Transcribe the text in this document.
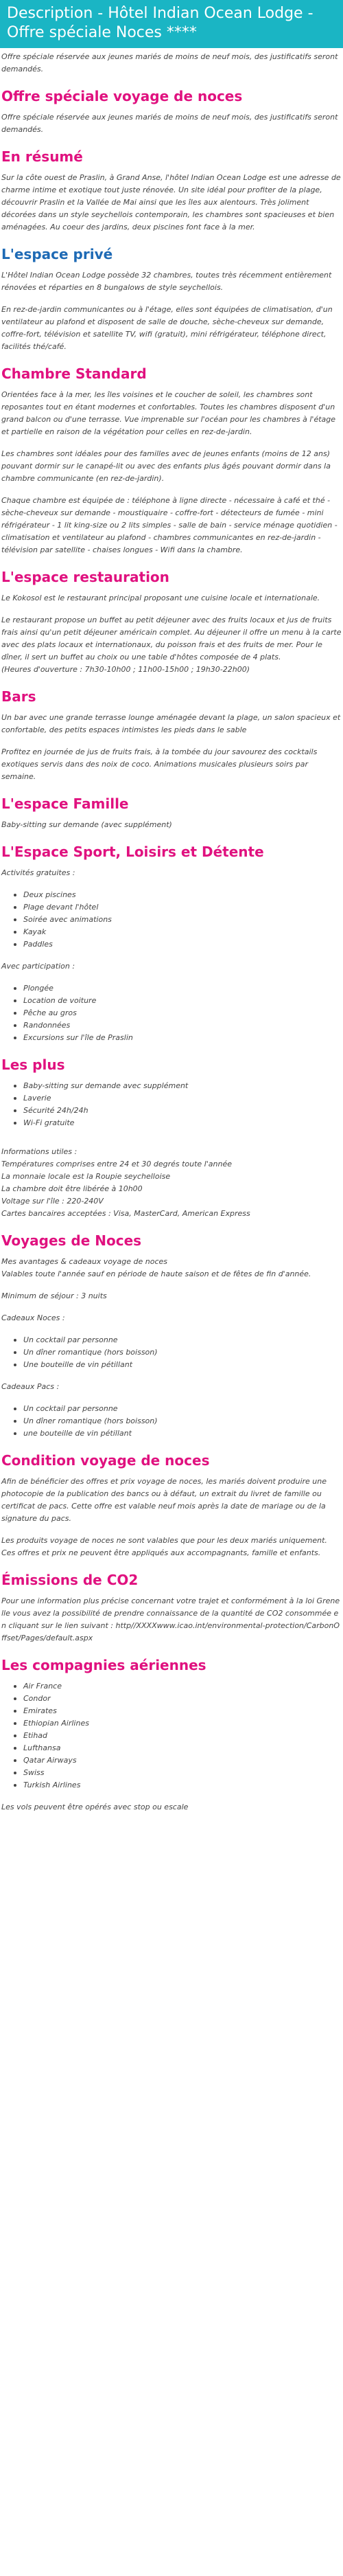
Description - Hôtel Indian Ocean Lodge - Offre spéciale Noces ****

Offre spéciale réservée aux jeunes mariés de moins de neuf mois, des justificatifs seront demandés.

Offre spéciale voyage de noces

Offre spéciale réservée aux jeunes mariés de moins de neuf mois, des justificatifs seront demandés.

En résumé

Sur la côte ouest de Praslin, à Grand Anse, l'hôtel Indian Ocean Lodge est une adresse de charme intime et exotique tout juste rénovée. Un site idéal pour profiter de la plage, découvrir Praslin et la Vallée de Mai ainsi que les îles aux alentours. Très joliment décorées dans un style seychellois contemporain, les chambres sont spacieuses et bien aménagées. Au coeur des jardins, deux piscines font face à la mer.

L'espace privé

L'Hôtel Indian Ocean Lodge possède 32 chambres, toutes très récemment entièrement rénovées et réparties en 8 bungalows de style seychellois.

En rez-de-jardin communicantes ou à l'étage, elles sont équipées de climatisation, d'un ventilateur au plafond et disposent de salle de douche, sèche-cheveux sur demande, coffre-fort, télévision et satellite TV, wifi (gratuit), mini réfrigérateur, téléphone direct, facilités thé/café.

Chambre Standard

Orientées face à la mer, les îles voisines et le coucher de soleil, les chambres sont reposantes tout en étant modernes et confortables. Toutes les chambres disposent d'un grand balcon ou d'une terrasse. Vue imprenable sur l'océan pour les chambres à l'étage et partielle en raison de la végétation pour celles en rez-de-jardin.

Les chambres sont idéales pour des familles avec de jeunes enfants (moins de 12 ans) pouvant dormir sur le canapé-lit ou avec des enfants plus âgés pouvant dormir dans la chambre communicante (en rez-de-jardin).

Chaque chambre est équipée de : téléphone à ligne directe - nécessaire à café et thé - sèche-cheveux sur demande - moustiquaire - coffre-fort - détecteurs de fumée - mini réfrigérateur - 1 lit king-size ou 2 lits simples - salle de bain - service ménage quotidien - climatisation et ventilateur au plafond - chambres communicantes en rez-de-jardin - télévision par satellite - chaises longues - Wifi dans la chambre.

L'espace restauration

Le Kokosol est le restaurant principal proposant une cuisine locale et internationale.

Le restaurant propose un buffet au petit déjeuner avec des fruits locaux et jus de fruits frais ainsi qu'un petit déjeuner américain complet. Au déjeuner il offre un menu à la carte avec des plats locaux et internationaux, du poisson frais et des fruits de mer. Pour le dîner, il sert un buffet au choix ou une table d'hôtes composée de 4 plats.

(Heures d'ouverture : 7h30-10h00 ; 11h00-15h00 ; 19h30-22h00)

Bars

Un bar avec une grande terrasse lounge aménagée devant la plage, un salon spacieux et confortable, des petits espaces intimistes les pieds dans le sable

Profitez en journée de jus de fruits frais, à la tombée du jour savourez des cocktails exotiques servis dans des noix de coco. Animations musicales plusieurs soirs par semaine.

L'espace Famille

Baby-sitting sur demande (avec supplément)

L'Espace Sport, Loisirs et Détente

Activités gratuites :

Deux piscines
Plage devant l'hôtel
Soirée avec animations
Kayak
Paddles

Avec participation :

Plongée
Location de voiture
Pêche au gros
Randonnées
Excursions sur l'île de Praslin
Les plus
Baby-sitting sur demande avec supplément
Laverie
Sécurité 24h/24h
Wi-Fi gratuite

Informations utiles :
Températures comprises entre 24 et 30 degrés toute l'année
La monnaie locale est la Roupie seychelloise
La chambre doit être libérée à 10h00
Voltage sur l'île : 220-240V
Cartes bancaires acceptées : Visa, MasterCard, American Express

Voyages de Noces

Mes avantages & cadeaux voyage de noces
Valables toute l'année sauf en période de haute saison et de fêtes de fin d'année.

Minimum de séjour : 3 nuits

Cadeaux Noces :

Un cocktail par personne
Un dîner romantique (hors boisson)
Une bouteille de vin pétillant

Cadeaux Pacs :

Un cocktail par personne
Un dîner romantique (hors boisson)
une bouteille de vin pétillant
Condition voyage de noces

Afin de bénéficier des offres et prix voyage de noces, les mariés doivent produire une photocopie de la publication des bancs ou à défaut, un extrait du livret de famille ou certificat de pacs. Cette offre est valable neuf mois après la date de mariage ou de la signature du pacs.

Les produits voyage de noces ne sont valables que pour les deux mariés uniquement. Ces offres et prix ne peuvent être appliqués aux accompagnants, famille et enfants.

Émissions de CO2

Pour une information plus précise concernant votre trajet et conformément à la loi Grenelle vous avez la possibilité de prendre connaissance de la quantité de CO2 consommée en cliquant sur le lien suivant : http//XXXXwww.icao.int/environmental-protection/CarbonOffset/Pages/default.aspx

Les compagnies aériennes
Air France
Condor
Emirates
Ethiopian Airlines
Etihad
Lufthansa
Qatar Airways
Swiss
Turkish Airlines

Les vols peuvent être opérés avec stop ou escale
